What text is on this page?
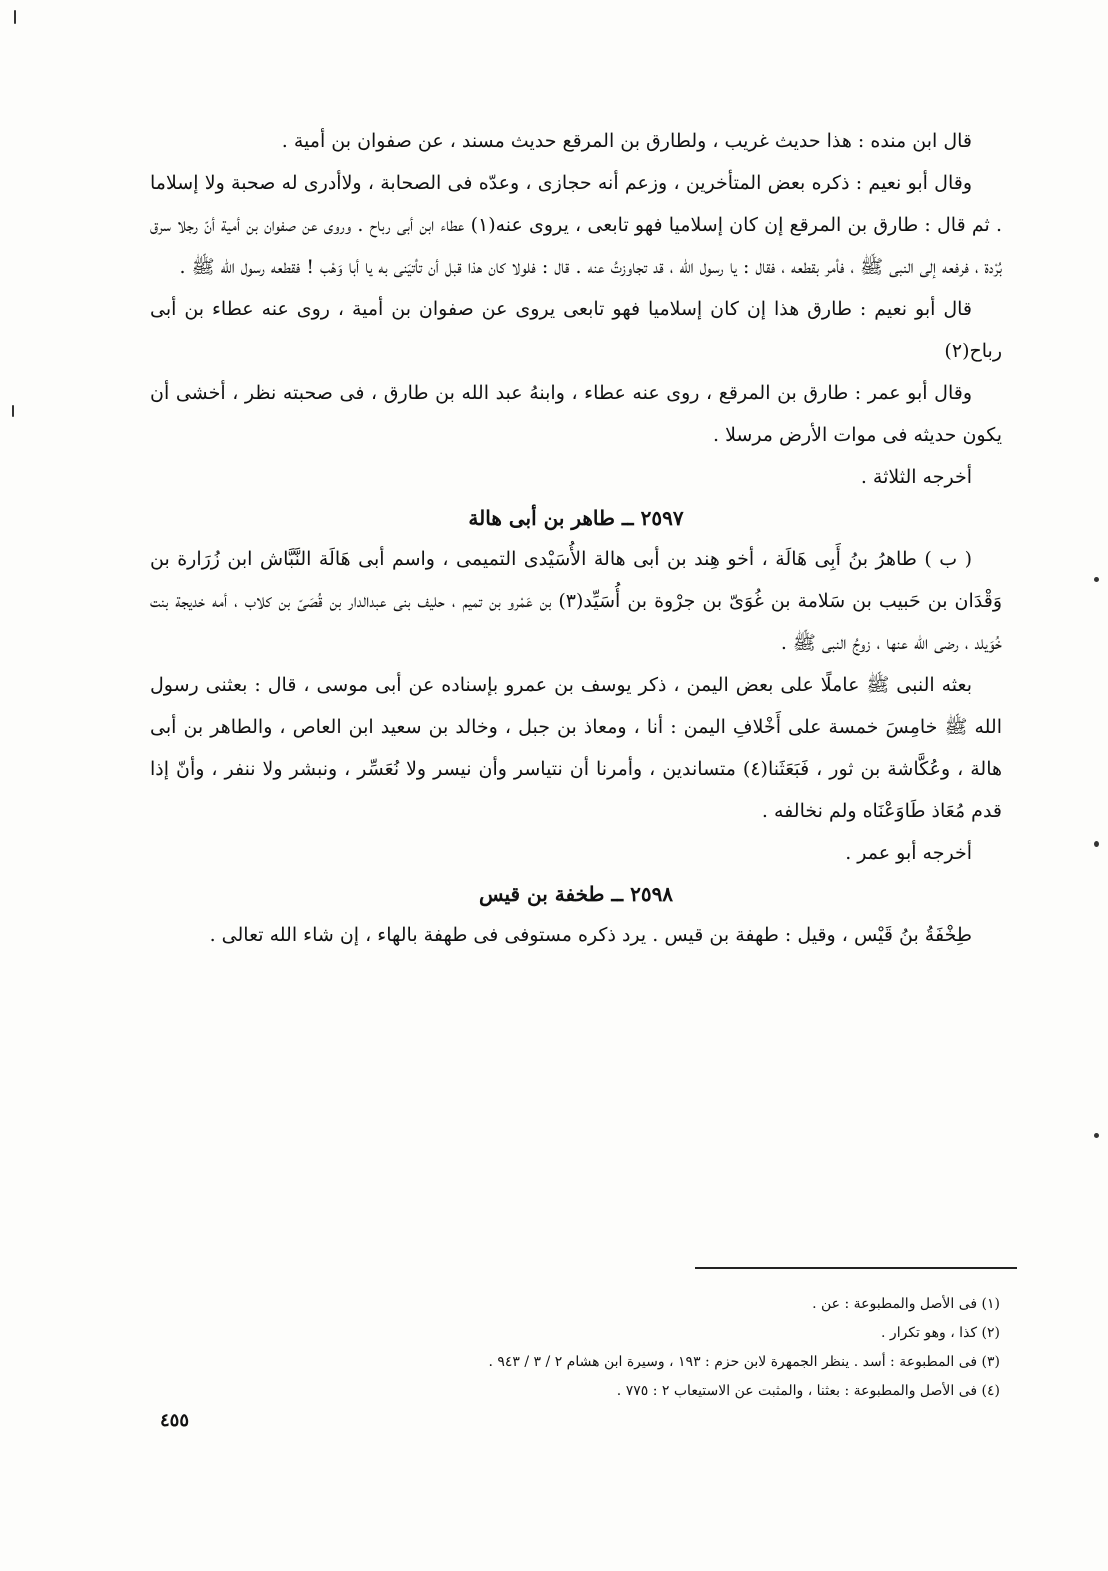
قال ابن منده : هذا حديث غريب ، ولطارق بن المرقع حديث مسند ، عن صفوان بن أمية .

وقال أبو نعيم : ذكره بعض المتأخرين ، وزعم أنه حجازى ، وعدّه فى الصحابة ، ولاأدرى له صحبة ولا إسلاما . ثم قال : طارق بن المرقع إن كان إسلاميا فهو تابعى ، يروى عنه(١) عطاء ابن أبى رباح . وروى عن صفوان بن أمية أنّ رجلا سرق بُرْدة ، فرفعه إلى النبى ﷺ ، فأمر بقطعه ، فقال : يا رسول الله ، قد تجاوزتُ عنه . قال : فلولا كان هذا قبل أن تأتيَنى به يا أبا وَهْب ! فقطعه رسول الله ﷺ .

قال أبو نعيم : طارق هذا إن كان إسلاميا فهو تابعى يروى عن صفوان بن أمية ، روى عنه عطاء بن أبى رباح(٢)

وقال أبو عمر : طارق بن المرقع ، روى عنه عطاء ، وابنهُ عبد الله بن طارق ، فى صحبته نظر ، أخشى أن يكون حديثه فى موات الأرض مرسلا .

أخرجه الثلاثة .

٢٥٩٧ ــ طاهر بن أبى هالة

( ب ) طاهرُ بنُ أَبِى هَالَة ، أخو هِند بن أبى هالة الأُسَيْدى التميمى ، واسم أبى هَالَة النَّبَّاش ابن زُرَارة بن وَقْدَان بن حَبيب بن سَلامة بن غُوَىّ بن جرْوة بن أُسَيِّد(٣) بن عَمْرو بن تميم ، حليف بنى عبدالدار بن قُصَىّ بن كلاب ، أمه خديجة بنت خُوَيلد ، رضى الله عنها ، زوجُ النبى ﷺ .

بعثه النبى ﷺ عاملًا على بعض اليمن ، ذكر يوسف بن عمرو بإسناده عن أبى موسى ، قال : بعثنى رسول الله ﷺ خامِسَ خمسة على أَخْلافِ اليمن : أنا ، ومعاذ بن جبل ، وخالد بن سعيد ابن العاص ، والطاهر بن أبى هالة ، وعُكَّاشة بن ثور ، فَبَعَثَنا(٤) متساندين ، وأمرنا أن نتياسر وأن نيسر ولا نُعَسِّر ، ونبشر ولا ننفر ، وأنّ إذا قدم مُعَاذ طَاوَعْنَاه ولم نخالفه .

أخرجه أبو عمر .

٢٥٩٨ ــ طخفة بن قيس

طِخْفَةُ بنُ قَيْس ، وقيل : طهفة بن قيس . يرد ذكره مستوفى فى طهفة بالهاء ، إن شاء الله تعالى .

(١) فى الأصل والمطبوعة : عن .

(٢) كذا ، وهو تكرار .

(٣) فى المطبوعة : أسد . ينظر الجمهرة لابن حزم : ١٩٣ ، وسيرة ابن هشام ٢ / ٣ / ٩٤٣ .

(٤) فى الأصل والمطبوعة : بعثنا ، والمثبت عن الاستيعاب ٢ : ٧٧٥ .

٤٥٥
